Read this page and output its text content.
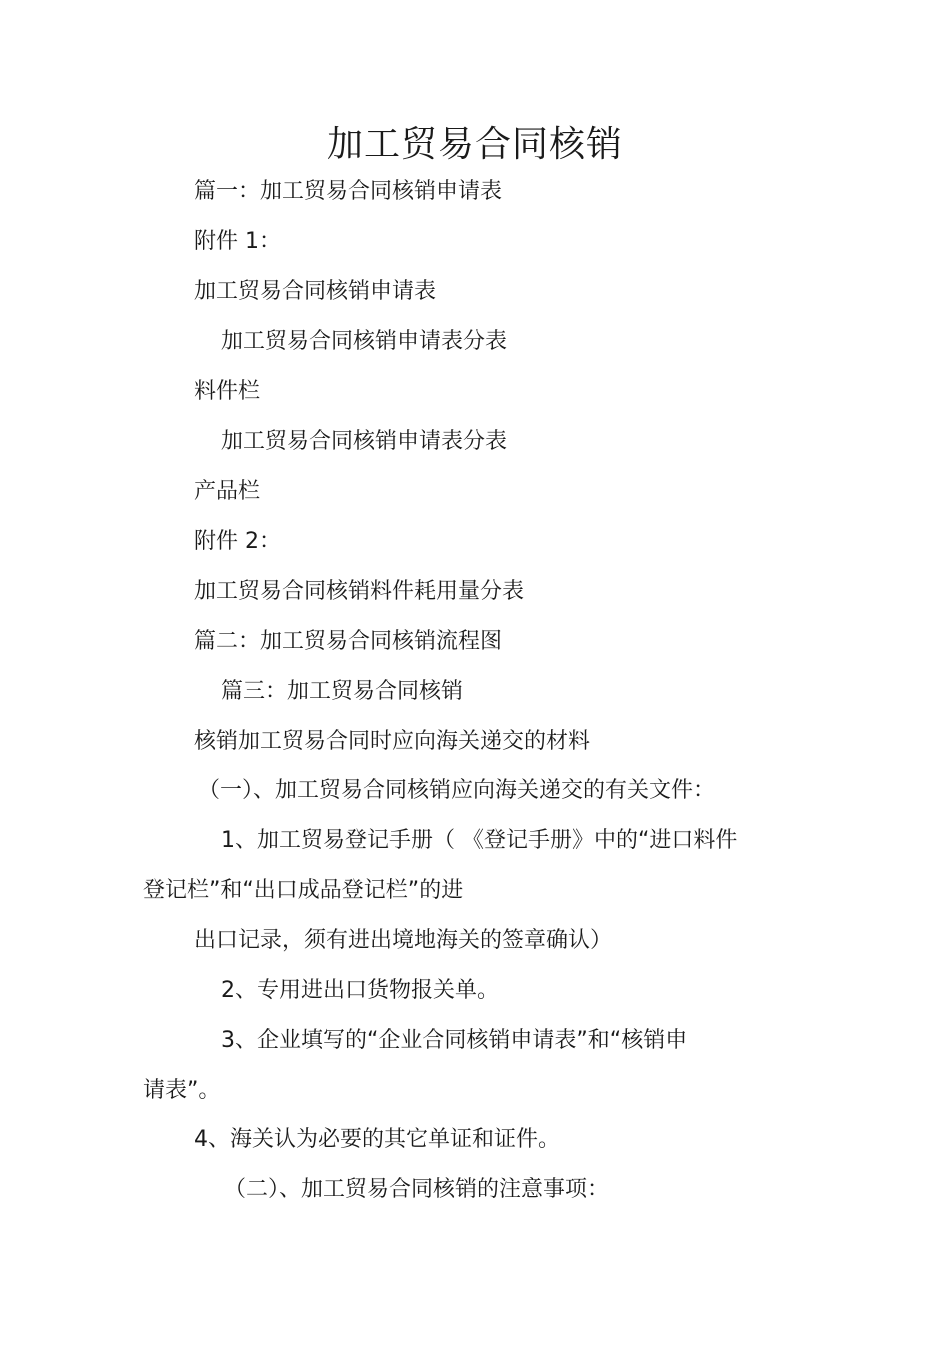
加工贸易合同核销
篇一：加工贸易合同核销申请表
附件 1：
加工贸易合同核销申请表
加工贸易合同核销申请表分表
料件栏
加工贸易合同核销申请表分表
产品栏
附件 2：
加工贸易合同核销料件耗用量分表
篇二：加工贸易合同核销流程图
篇三：加工贸易合同核销
核销加工贸易合同时应向海关递交的材料
（一）、加工贸易合同核销应向海关递交的有关文件：
1、加工贸易登记手册（ 《登记手册》中的“进口料件
登记栏”和“出口成品登记栏”的进
出口记录，须有进出境地海关的签章确认）
2、专用进出口货物报关单。
3、企业填写的“企业合同核销申请表”和“核销申
请表”。
4、海关认为必要的其它单证和证件。
（二）、加工贸易合同核销的注意事项：
